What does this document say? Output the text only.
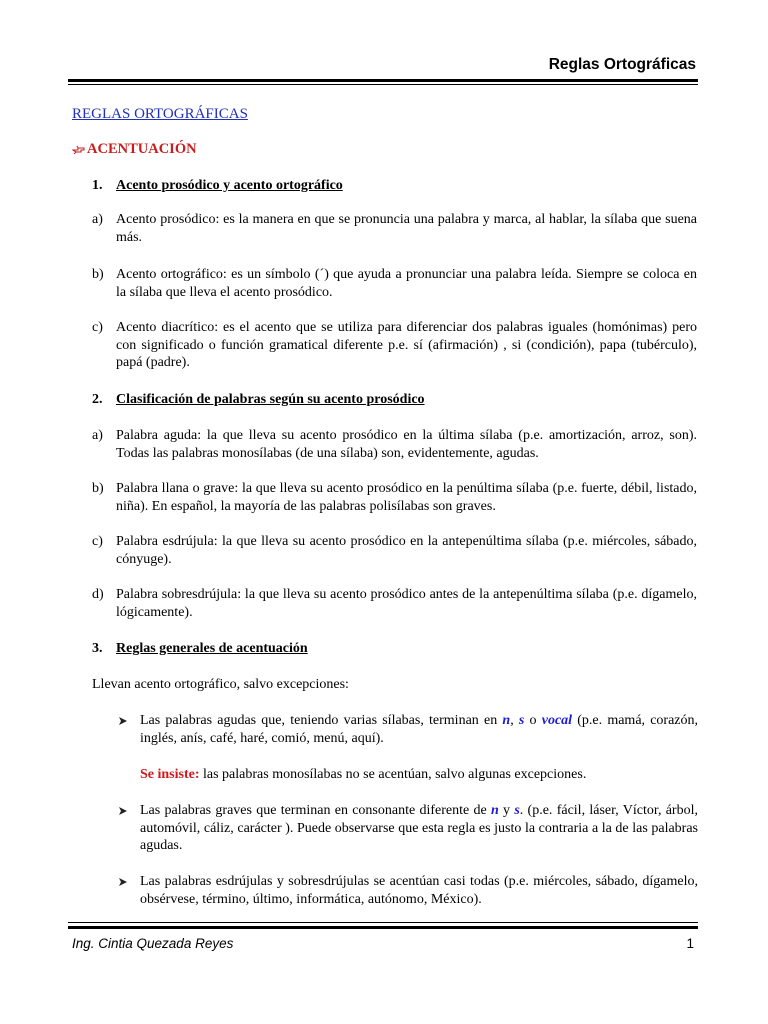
Reglas Ortográficas
REGLAS ORTOGRÁFICAS
ACENTUACIÓN
1. Acento prosódico y acento ortográfico
a) Acento prosódico: es la manera en que se pronuncia una palabra y marca, al hablar, la sílaba que suena más.
b) Acento ortográfico: es un símbolo (´) que ayuda a pronunciar una palabra leída. Siempre se coloca en la sílaba que lleva el acento prosódico.
c) Acento diacrítico: es el acento que se utiliza para diferenciar dos palabras iguales (homónimas) pero con significado o función gramatical diferente p.e. sí (afirmación) , si (condición), papa (tubérculo), papá (padre).
2. Clasificación de palabras según su acento prosódico
a) Palabra aguda: la que lleva su acento prosódico en la última sílaba (p.e. amortización, arroz, son). Todas las palabras monosílabas (de una sílaba) son, evidentemente, agudas.
b) Palabra llana o grave: la que lleva su acento prosódico en la penúltima sílaba (p.e. fuerte, débil, listado, niña). En español, la mayoría de las palabras polisílabas son graves.
c) Palabra esdrújula: la que lleva su acento prosódico en la antepenúltima sílaba (p.e. miércoles, sábado, cónyuge).
d) Palabra sobresdrújula: la que lleva su acento prosódico antes de la antepenúltima sílaba (p.e. dígamelo, lógicamente).
3. Reglas generales de acentuación
Llevan acento ortográfico, salvo excepciones:
Las palabras agudas que, teniendo varias sílabas, terminan en n, s o vocal (p.e. mamá, corazón, inglés, anís, café, haré, comió, menú, aquí).
Se insiste: las palabras monosílabas no se acentúan, salvo algunas excepciones.
Las palabras graves que terminan en consonante diferente de n y s. (p.e. fácil, láser, Víctor, árbol, automóvil, cáliz, carácter ). Puede observarse que esta regla es justo la contraria a la de las palabras agudas.
Las palabras esdrújulas y sobresdrújulas se acentúan casi todas (p.e. miércoles, sábado, dígamelo, obsérvese, término, último, informática, autónomo, México).
Ing. Cintia Quezada Reyes	1
